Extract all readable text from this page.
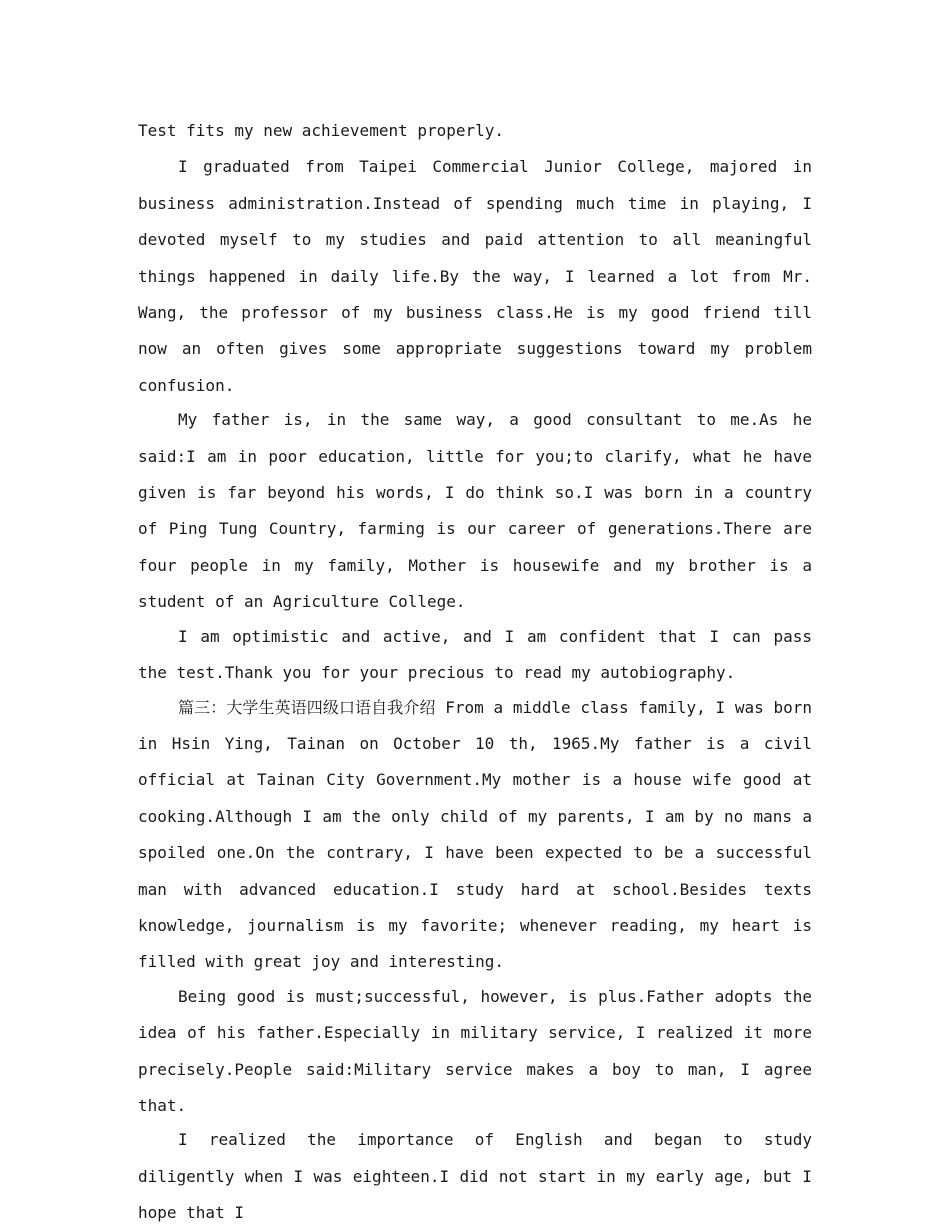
Test fits my new achievement properly.

I graduated from Taipei Commercial Junior College, majored in business administration.Instead of spending much time in playing, I devoted myself to my studies and paid attention to all meaningful things happened in daily life.By the way, I learned a lot from Mr. Wang, the professor of my business class.He is my good friend till now an often gives some appropriate suggestions toward my problem confusion.

My father is, in the same way, a good consultant to me.As he said:I am in poor education, little for you;to clarify, what he have given is far beyond his words, I do think so.I was born in a country of Ping Tung Country, farming is our career of generations.There are four people in my family, Mother is housewife and my brother is a student of an Agriculture College.

I am optimistic and active, and I am confident that I can pass the test.Thank you for your precious to read my autobiography.

篇三：大学生英语四级口语自我介绍 From a middle class family, I was born in Hsin Ying, Tainan on October 10 th, 1965.My father is a civil official at Tainan City Government.My mother is a house wife good at cooking.Although I am the only child of my parents, I am by no mans a spoiled one.On the contrary, I have been expected to be a successful man with advanced education.I study hard at school.Besides texts knowledge, journalism is my favorite; whenever reading, my heart is filled with great joy and interesting.

Being good is must;successful, however, is plus.Father adopts the idea of his father.Especially in military service, I realized it more precisely.People said:Military service makes a boy to man, I agree that.

I realized the importance of English and began to study diligently when I was eighteen.I did not start in my early age, but I hope that I
